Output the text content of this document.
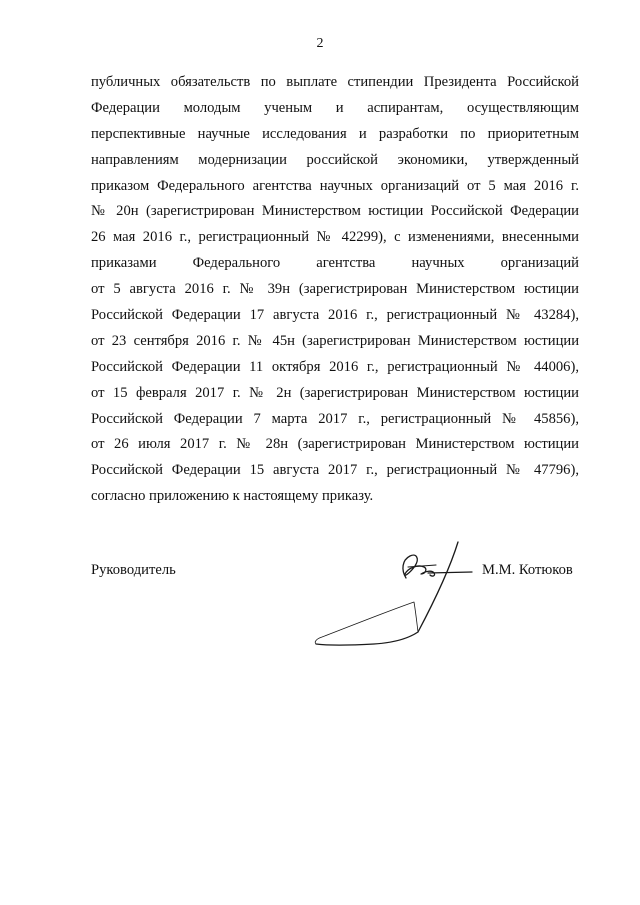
2
публичных обязательств по выплате стипендии Президента Российской
Федерации молодым ученым и аспирантам, осуществляющим
перспективные научные исследования и разработки по приоритетным
направлениям модернизации российской экономики, утвержденный
приказом Федерального агентства научных организаций от 5 мая 2016 г.
№ 20н (зарегистрирован Министерством юстиции Российской Федерации
26 мая 2016 г., регистрационный № 42299), с изменениями, внесенными
приказами Федерального агентства научных организаций
от 5 августа 2016 г. № 39н (зарегистрирован Министерством юстиции
Российской Федерации 17 августа 2016 г., регистрационный № 43284),
от 23 сентября 2016 г. № 45н (зарегистрирован Министерством юстиции
Российской Федерации 11 октября 2016 г., регистрационный № 44006),
от 15 февраля 2017 г. № 2н (зарегистрирован Министерством юстиции
Российской Федерации 7 марта 2017 г., регистрационный № 45856),
от 26 июля 2017 г. № 28н (зарегистрирован Министерством юстиции
Российской Федерации 15 августа 2017 г., регистрационный № 47796),
согласно приложению к настоящему приказу.
Руководитель	М.М. Котюков
